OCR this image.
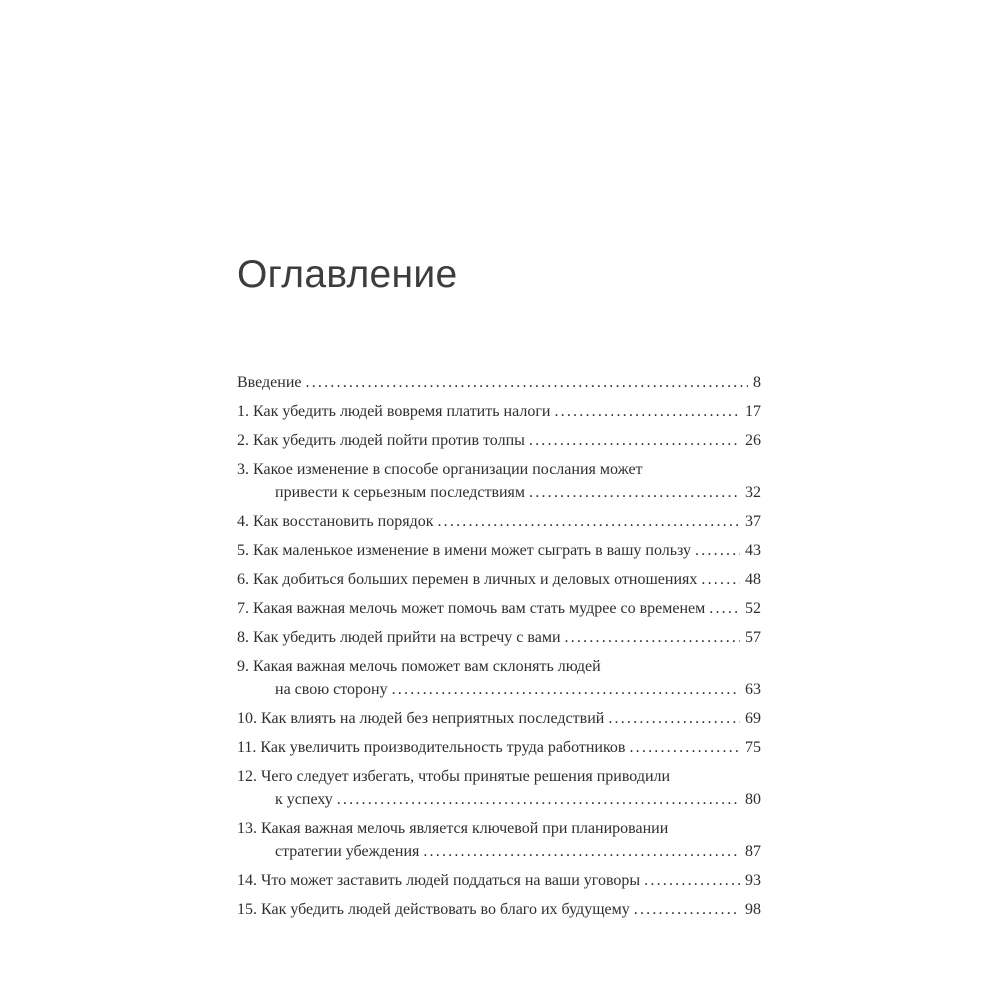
Оглавление
Введение .....	8
1. Как убедить людей вовремя платить налоги .....	17
2. Как убедить людей пойти против толпы .....	26
3. Какое изменение в способе организации послания может
привести к серьезным последствиям .....	32
4. Как восстановить порядок .....	37
5. Как маленькое изменение в имени может сыграть в вашу пользу .....	43
6. Как добиться больших перемен в личных и деловых отношениях .....	48
7. Какая важная мелочь может помочь вам стать мудрее со временем .....	52
8. Как убедить людей прийти на встречу с вами .....	57
9. Какая важная мелочь поможет вам склонять людей
на свою сторону .....	63
10. Как влиять на людей без неприятных последствий .....	69
11. Как увеличить производительность труда работников .....	75
12. Чего следует избегать, чтобы принятые решения приводили
к успеху .....	80
13. Какая важная мелочь является ключевой при планировании
стратегии убеждения .....	87
14. Что может заставить людей поддаться на ваши уговоры .....	93
15. Как убедить людей действовать во благо их будущему .....	98
